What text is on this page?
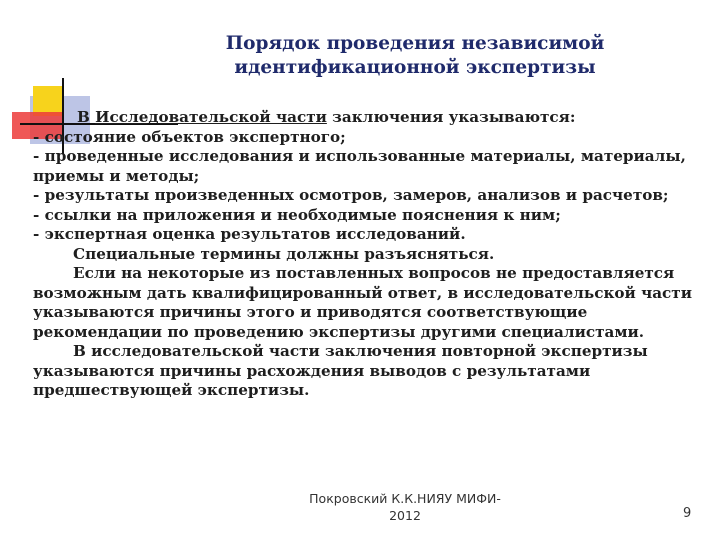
Порядок проведения независимой
идентификационной экспертизы

В Исследовательской части заключения указываются:

- состояние объектов экспертного;

- проведенные исследования и использованные материалы, материалы, приемы и методы;

- результаты произведенных осмотров, замеров, анализов и расчетов;

- ссылки на приложения и необходимые пояснения к ним;

- экспертная оценка результатов исследований.

Специальные термины должны разъясняться.

Если на некоторые из поставленных вопросов не предоставляется возможным дать квалифицированный ответ, в исследовательской части указываются причины этого и приводятся соответствующие рекомендации по проведению экспертизы другими специалистами.

В исследовательской части заключения повторной экспертизы указываются причины расхождения выводов с результатами предшествующей экспертизы.

Покровский К.К.НИЯУ МИФИ-
2012	9
